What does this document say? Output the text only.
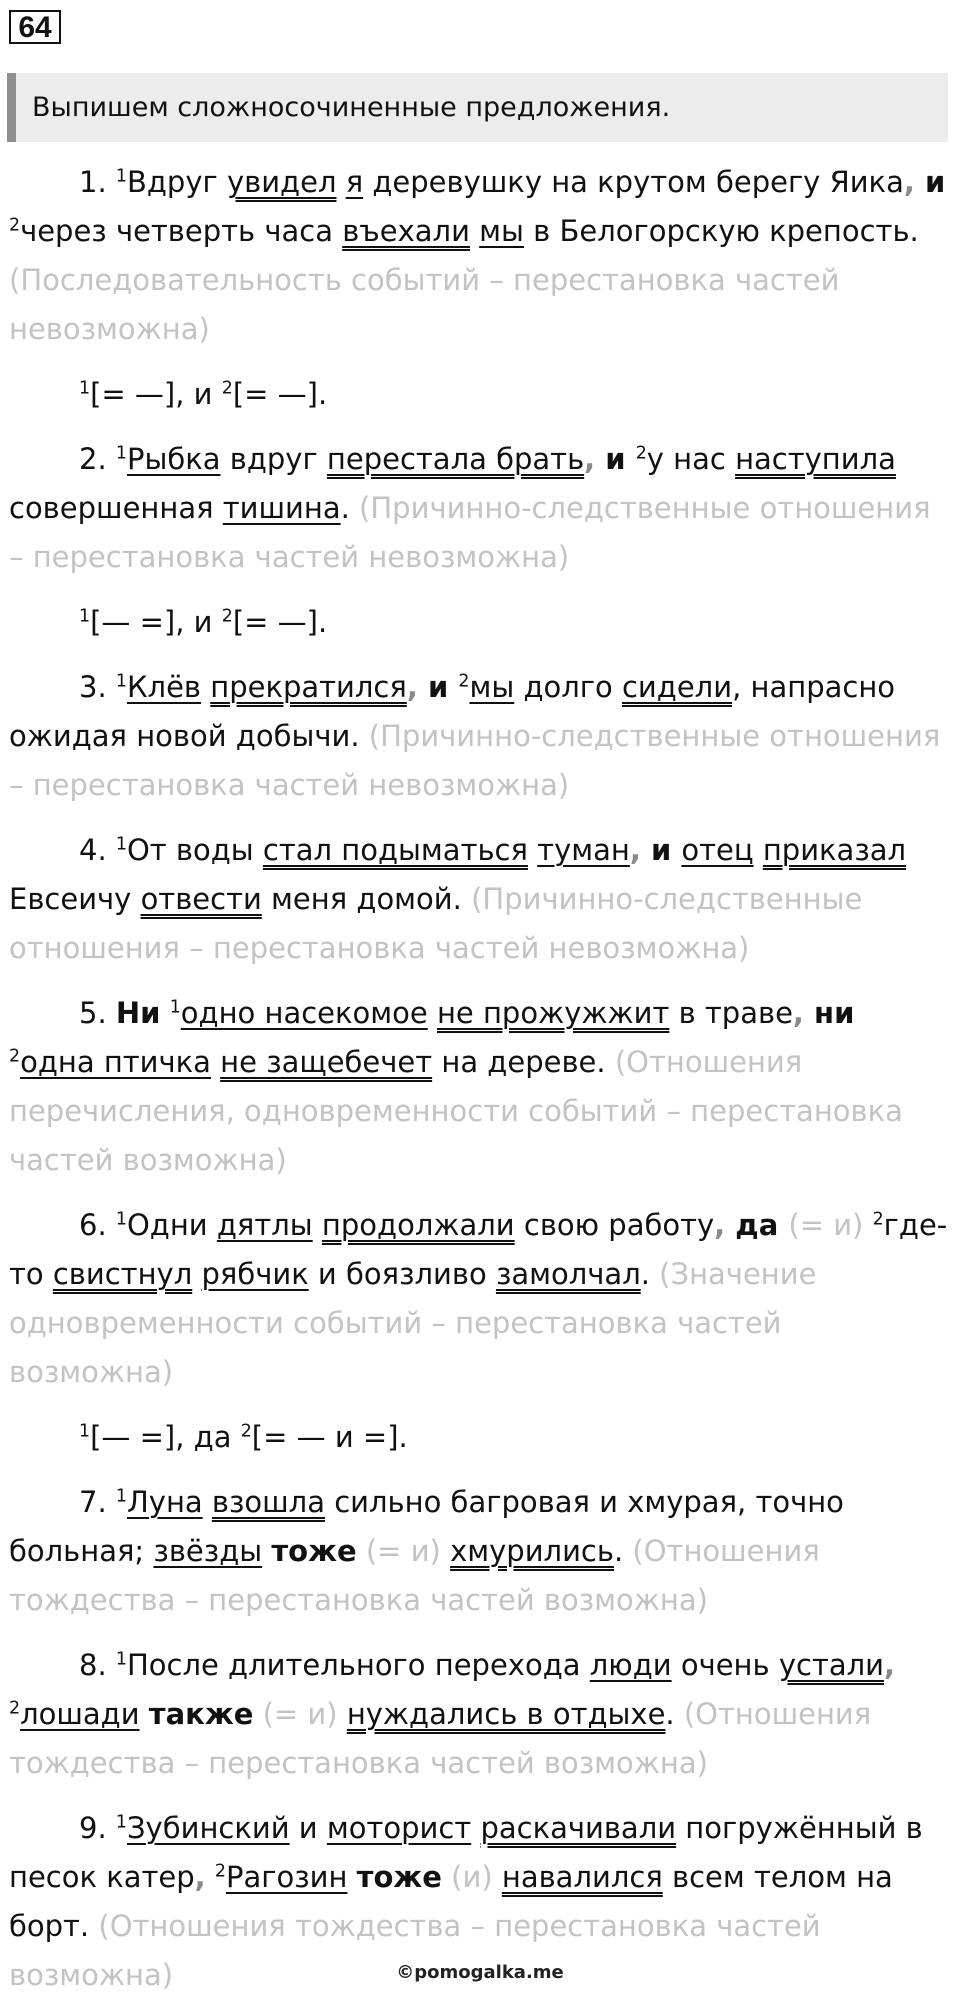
64
Выпишем сложносочиненные предложения.

1. $^1$Вдруг увидел я деревушку на крутом берегу Яика, и $^2$через четверть часа въехали мы в Белогорскую крепость. (Последовательность событий – перестановка частей невозможна)

$^1$[= —], и $^2$[= —].

2. $^1$Рыбка вдруг перестала брать, и $^2$у нас наступила совершенная тишина. (Причинно-следственные отношения – перестановка частей невозможна)

$^1$[— =], и $^2$[= —].

3. $^1$Клёв прекратился, и $^2$мы долго сидели, напрасно ожидая новой добычи. (Причинно-следственные отношения – перестановка частей невозможна)

4. $^1$От воды стал подыматься туман, и отец приказал Евсеичу отвести меня домой. (Причинно-следственные отношения – перестановка частей невозможна)

5. Ни $^1$одно насекомое не прожужжит в траве, ни $^2$одна птичка не защебечет на дереве. (Отношения перечисления, одновременности событий – перестановка частей возможна)

6. $^1$Одни дятлы продолжали свою работу, да (= и) $^2$где-то свистнул рябчик и боязливо замолчал. (Значение одновременности событий – перестановка частей возможна)

$^1$[— =], да $^2$[= — и =].

7. $^1$Луна взошла сильно багровая и хмурая, точно больная; звёзды тоже (= и) хмурились. (Отношения тождества – перестановка частей возможна)

8. $^1$После длительного перехода люди очень устали, $^2$лошади также (= и) нуждались в отдыхе. (Отношения тождества – перестановка частей возможна)

9. $^1$Зубинский и моторист раскачивали погружённый в песок катер, $^2$Рагозин тоже (и) навалился всем телом на борт. (Отношения тождества – перестановка частей возможна)	©pomogalka.me
